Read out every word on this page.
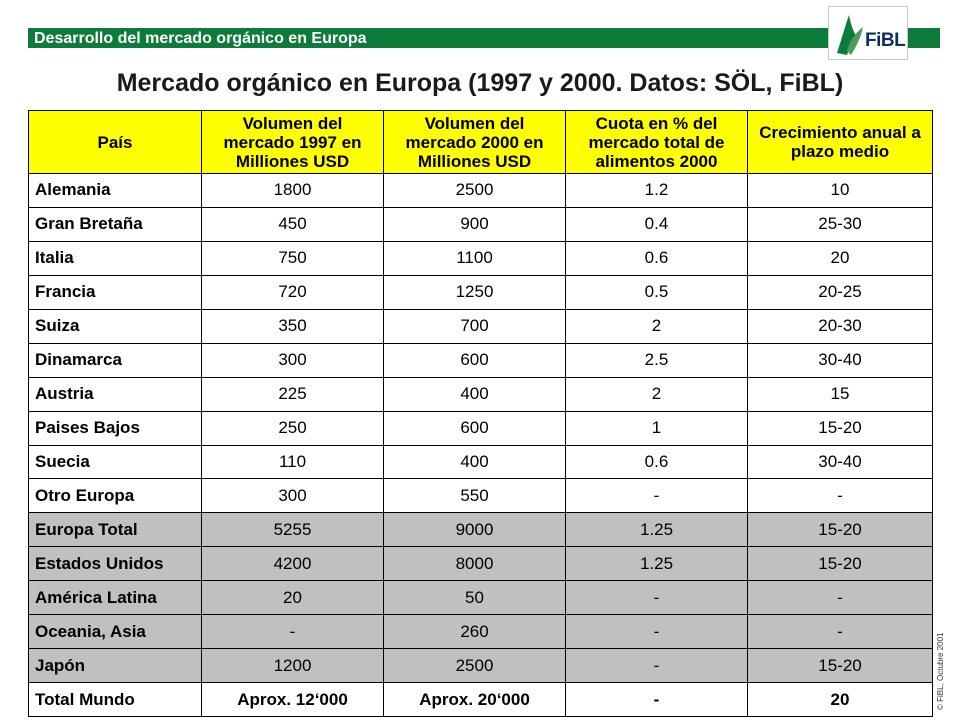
Desarrollo del mercado orgánico en Europa	FiBL
Mercado orgánico en Europa (1997 y 2000. Datos: SÖL, FiBL)
País	Volumen del mercado 1997 en Milliones USD	Volumen del mercado 2000 en Milliones USD	Cuota en % del mercado total de alimentos 2000	Crecimiento anual a plazo medio
Alemania	1800	2500	1.2	10
Gran Bretaña	450	900	0.4	25-30
Italia	750	1100	0.6	20
Francia	720	1250	0.5	20-25
Suiza	350	700	2	20-30
Dinamarca	300	600	2.5	30-40
Austria	225	400	2	15
Paises Bajos	250	600	1	15-20
Suecia	110	400	0.6	30-40
Otro Europa	300	550	-	-
Europa Total	5255	9000	1.25	15-20
Estados Unidos	4200	8000	1.25	15-20
América Latina	20	50	-	-
Oceania, Asia	-	260	-	-
Japón	1200	2500	-	15-20
Total Mundo	Aprox. 12‘000	Aprox. 20‘000	-	20	© FiBL, Octubre 2001
